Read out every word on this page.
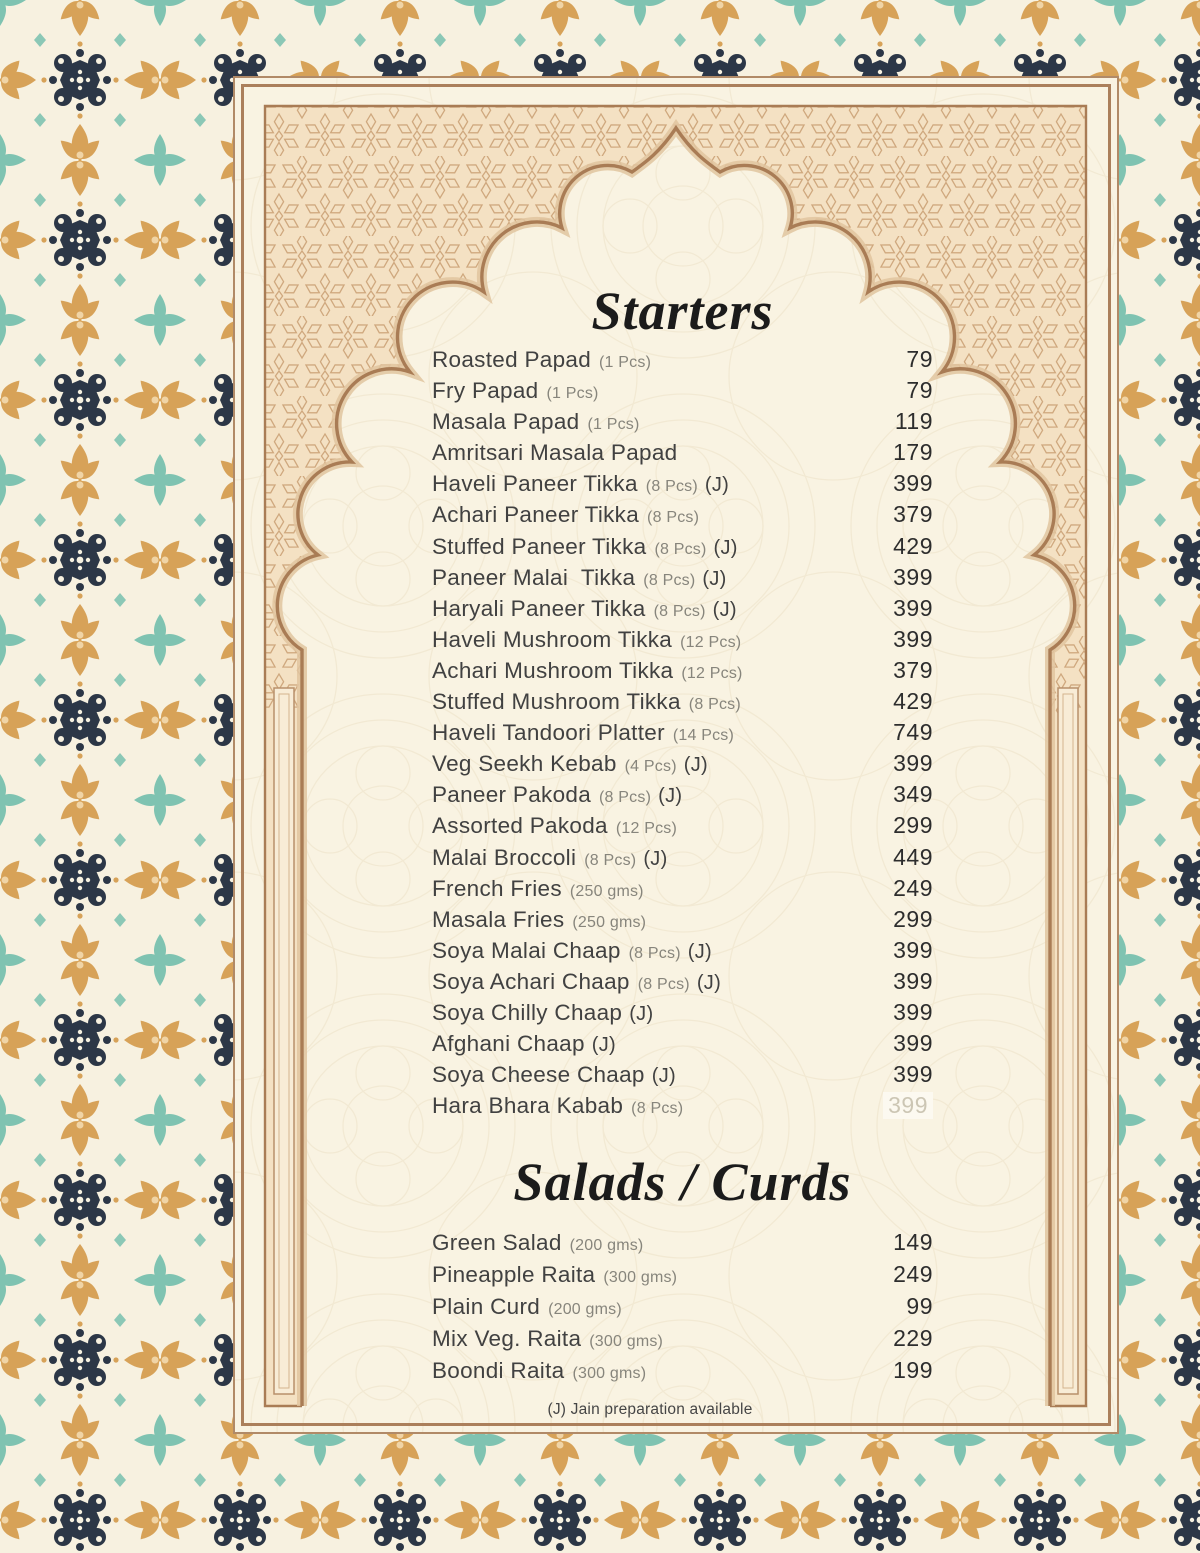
Starters
Roasted Papad (1 Pcs)	79
Fry Papad (1 Pcs)	79
Masala Papad (1 Pcs)	119
Amritsari Masala Papad	179
Haveli Paneer Tikka (8 Pcs) (J)	399
Achari Paneer Tikka (8 Pcs)	379
Stuffed Paneer Tikka (8 Pcs) (J)	429
Paneer Malai  Tikka (8 Pcs) (J)	399
Haryali Paneer Tikka (8 Pcs) (J)	399
Haveli Mushroom Tikka (12 Pcs)	399
Achari Mushroom Tikka (12 Pcs)	379
Stuffed Mushroom Tikka (8 Pcs)	429
Haveli Tandoori Platter (14 Pcs)	749
Veg Seekh Kebab (4 Pcs) (J)	399
Paneer Pakoda (8 Pcs) (J)	349
Assorted Pakoda (12 Pcs)	299
Malai Broccoli (8 Pcs) (J)	449
French Fries (250 gms)	249
Masala Fries (250 gms)	299
Soya Malai Chaap (8 Pcs) (J)	399
Soya Achari Chaap (8 Pcs) (J)	399
Soya Chilly Chaap (J)	399
Afghani Chaap (J)	399
Soya Cheese Chaap (J)	399
Hara Bhara Kabab (8 Pcs)	399
Salads / Curds
Green Salad (200 gms)	149
Pineapple Raita (300 gms)	249
Plain Curd (200 gms)	99
Mix Veg. Raita (300 gms)	229
Boondi Raita (300 gms)	199
(J) Jain preparation available
